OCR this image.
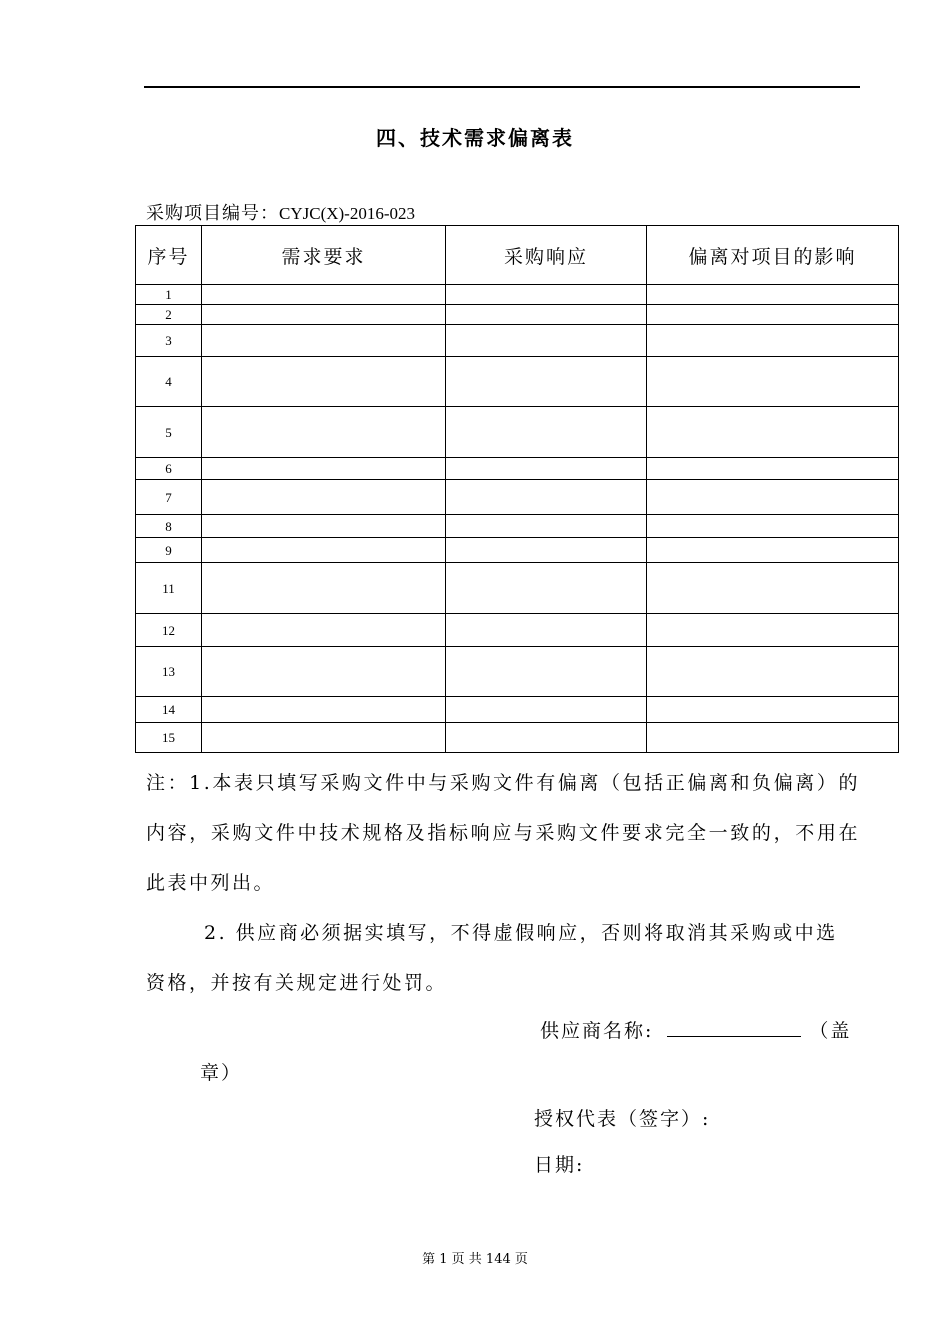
四、技术需求偏离表
采购项目编号：CYJC(X)-2016-023
序号	需求要求	采购响应	偏离对项目的影响
1			
2			
3			
4			
5			
6			
7			
8			
9			
11			
12			
13			
14			
15			
注：1.本表只填写采购文件中与采购文件有偏离（包括正偏离和负偏离）的内容，采购文件中技术规格及指标响应与采购文件要求完全一致的，不用在此表中列出。
2. 供应商必须据实填写，不得虚假响应，否则将取消其采购或中选
资格，并按有关规定进行处罚。
供应商名称:	（盖
章）
授权代表（签字）:
日期:
第 1 页 共 144 页
